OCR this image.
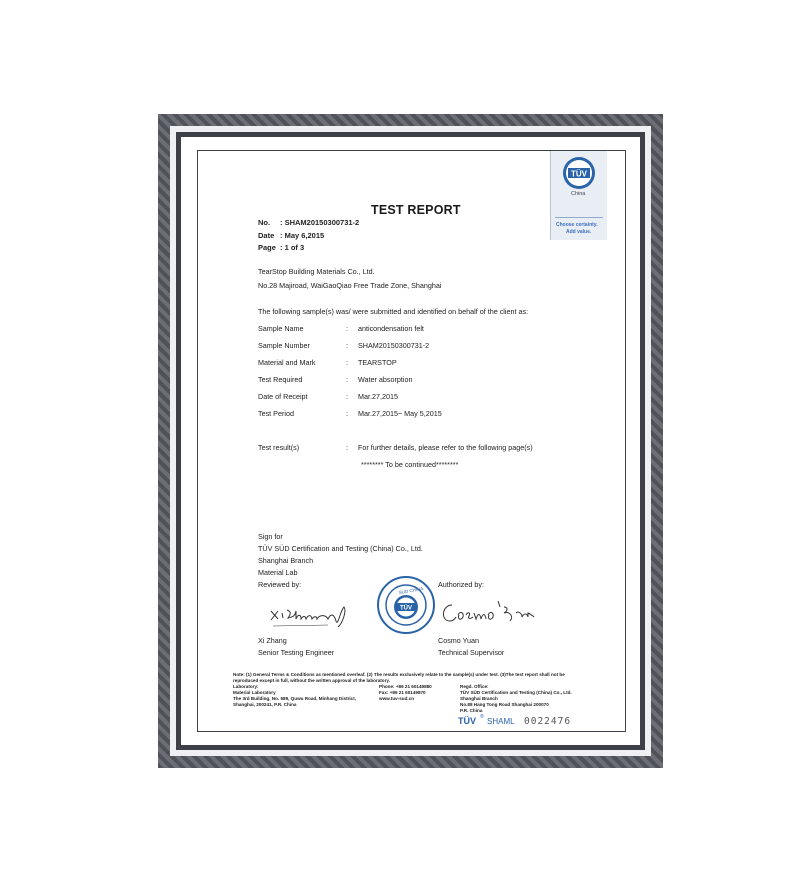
TÜV
SÜD
China
Choose certainty.
Add value.
TEST REPORT
No. : SHAM20150300731-2
Date : May 6,2015
Page : 1 of 3
TearStop Building Materials Co., Ltd.
No.28 Majiroad, WaiGaoQiao Free Trade Zone, Shanghai
The following sample(s) was/ were submitted and identified on behalf of the client as:
Sample Name	: anticondensation felt
Sample Number	: SHAM20150300731-2
Material and Mark	: TEARSTOP
Test Required	: Water absorption
Date of Receipt	: Mar.27,2015
Test Period	: Mar.27,2015~ May 5,2015
Test result(s)	: For further details, please refer to the following page(s)
******** To be continued********
Sign for
TÜV SÜD Certification and Testing (China) Co., Ltd.
Shanghai Branch
Material Lab
Reviewed by:	Authorized by:
TÜV
SÜD CHINA
Xi Zhang
Senior Testing Engineer
Cosmo Yuan
Technical Supervisor
Note: (1) General Terms & Conditions as mentioned overleaf. (2) The results exclusively relate to the sample(s) under test. (3)The test report shall not be reproduced except in full, without the written approval of the laboratory.
Laboratory:
Material Laboratory
The 3rd Building, No. 589, Quwu Road, Minhang District,
Shanghai, 200241, P.R. China
Phone: +86 21 60149880
Fax: +86 21 60149870
www.tuv-sud.cn
Regd. Office:
TÜV SÜD Certification and Testing (China) Co., Ltd.
Shanghai Branch
No.88 Hang Tong Road Shanghai 200070
P.R. China
TÜV ® SHAML 0022476
